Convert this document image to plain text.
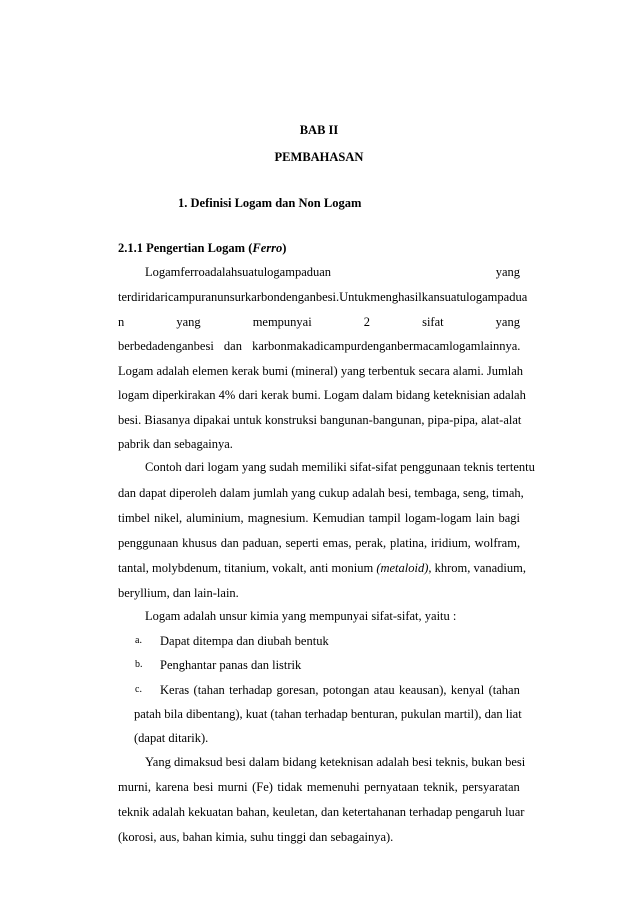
BAB II
PEMBAHASAN
1. Definisi Logam dan Non Logam
2.1.1 Pengertian Logam (Ferro)
Logamferroadalahsuatulogampaduan	yang
terdiridaricampuranunsurkarbondenganbesi.Untukmenghasilkansuatulogampadua
n	yang	mempunyai	2	sifat	yang
berbedadenganbesi dan karbonmakadicampurdenganbermacamlogamlainnya.
Logam adalah elemen kerak bumi (mineral) yang terbentuk secara alami. Jumlah
logam diperkirakan 4% dari kerak bumi. Logam dalam bidang keteknisian adalah
besi. Biasanya dipakai untuk konstruksi bangunan-bangunan, pipa-pipa, alat-alat
pabrik dan sebagainya.
Contoh dari logam yang sudah memiliki sifat-sifat penggunaan teknis tertentu
dan dapat diperoleh dalam jumlah yang cukup adalah besi, tembaga, seng, timah,
timbel nikel, aluminium, magnesium. Kemudian tampil logam-logam lain bagi
penggunaan khusus dan paduan, seperti emas, perak, platina, iridium, wolfram,
tantal, molybdenum, titanium, vokalt, anti monium (metaloid), khrom, vanadium,
beryllium, dan lain-lain.
Logam adalah unsur kimia yang mempunyai sifat-sifat, yaitu :
a. Dapat ditempa dan diubah bentuk
b. Penghantar panas dan listrik
c. Keras (tahan terhadap goresan, potongan atau keausan), kenyal (tahan
patah bila dibentang), kuat (tahan terhadap benturan, pukulan martil), dan liat
(dapat ditarik).
Yang dimaksud besi dalam bidang keteknisan adalah besi teknis, bukan besi
murni, karena besi murni (Fe) tidak memenuhi pernyataan teknik, persyaratan
teknik adalah kekuatan bahan, keuletan, dan ketertahanan terhadap pengaruh luar
(korosi, aus, bahan kimia, suhu tinggi dan sebagainya).
